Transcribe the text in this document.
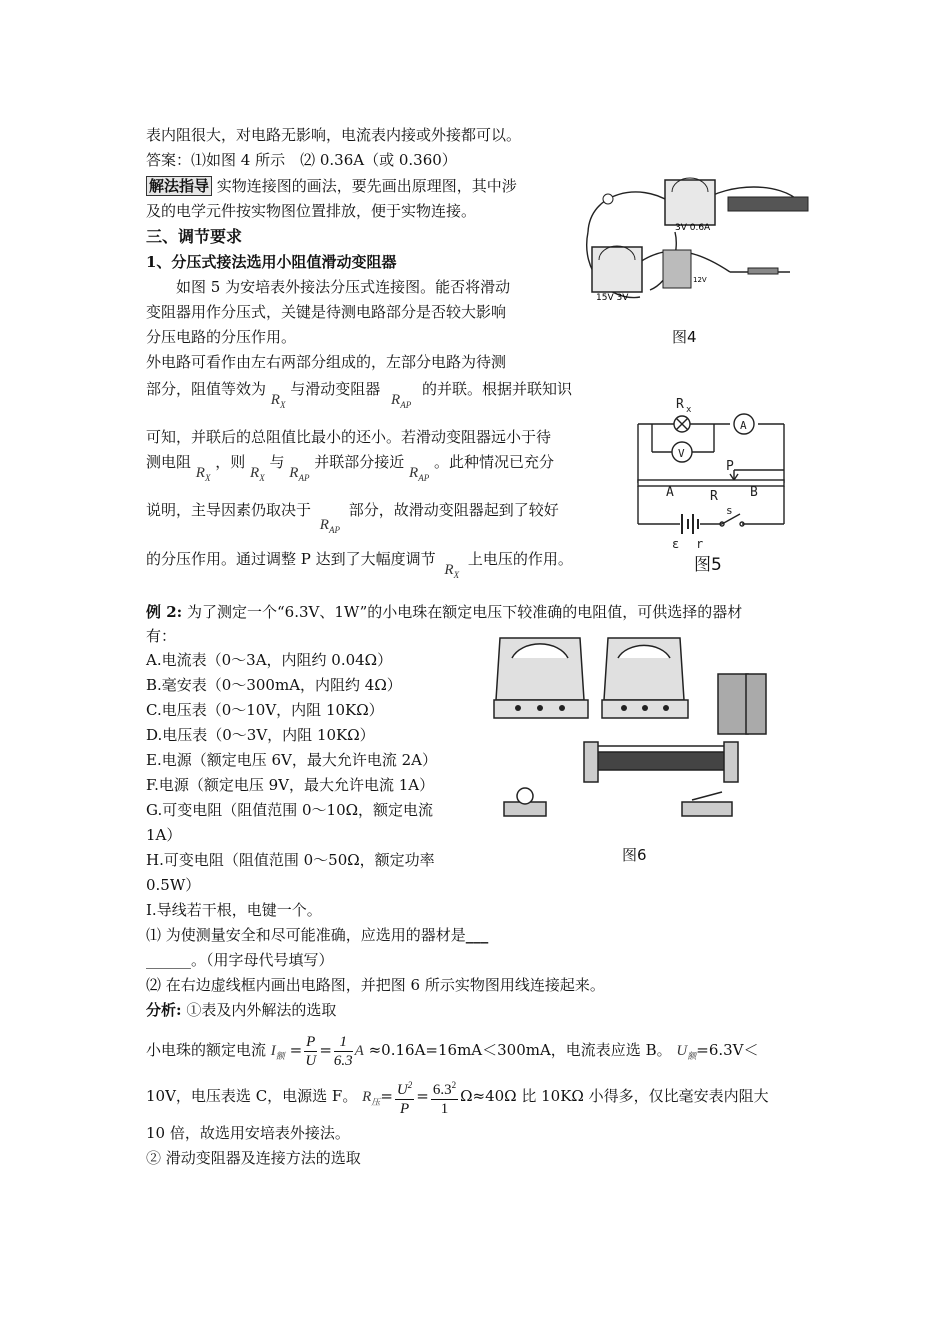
表内阻很大，对电路无影响，电流表内接或外接都可以。
答案：⑴如图 4 所示　⑵ 0.36A（或 0.360）
解法指导 实物连接图的画法，要先画出原理图，其中涉
及的电学元件按实物图位置排放，便于实物连接。
三、调节要求
1、分压式接法选用小阻值滑动变阻器
如图 5 为安培表外接法分压式连接图。能否将滑动
变阻器用作分压式，关键是待测电路部分是否较大影响
分压电路的分压作用。
外电路可看作由左右两部分组成的，左部分电路为待测
部分，阻值等效为 $R_X$ 与滑动变阻器 $R_{AP}$ 的并联。根据并联知识
可知，并联后的总阻值比最小的还小。若滑动变阻器远小于待
测电阻 $R_X$ ，则 $R_X$ 与 $R_{AP}$ 并联部分接近 $R_{AP}$ 。此种情况已充分
说明，主导因素仍取决于 $R_{AP}$ 部分，故滑动变阻器起到了较好
的分压作用。通过调整 P 达到了大幅度调节 $R_X$ 上电压的作用。
3V 0.6A
15V 3V
12V
图4
R x
A
V
P
A	R B
s
ε r
图5
例 2: 为了测定一个“6.3V、1W”的小电珠在额定电压下较准确的电阻值，可供选择的器材
有：
A.电流表（0～3A，内阻约 0.04Ω）
B.毫安表（0～300mA，内阻约 4Ω）
C.电压表（0～10V，内阻 10KΩ）
D.电压表（0～3V，内阻 10KΩ）
E.电源（额定电压 6V，最大允许电流 2A）
F.电源（额定电压 9V，最大允许电流 1A）
G.可变电阻（阻值范围 0～10Ω，额定电流
1A）
H.可变电阻（阻值范围 0～50Ω，额定功率
0.5W）
I.导线若干根，电键一个。
⑴ 为使测量安全和尽可能准确，应选用的器材是___
______。（用字母代号填写）
⑵ 在右边虚线框内画出电路图，并把图 6 所示实物图用线连接起来。
图6
分析: ①表及内外解法的选取
小电珠的额定电流 $I_额 = \frac{P}{U} = \frac{1}{6.3}$ A ≈0.16A=16mA＜300mA，电流表应选 B。 $U_额=6.3V<$
10V，电压表选 C，电源选 F。 $R_压= \frac{U^2}{P} = \frac{6.3^2}{1} \Omega\approx 40\Omega$ 比 10KΩ 小得多，仅比毫安表内阻大
10 倍，故选用安培表外接法。
② 滑动变阻器及连接方法的选取
